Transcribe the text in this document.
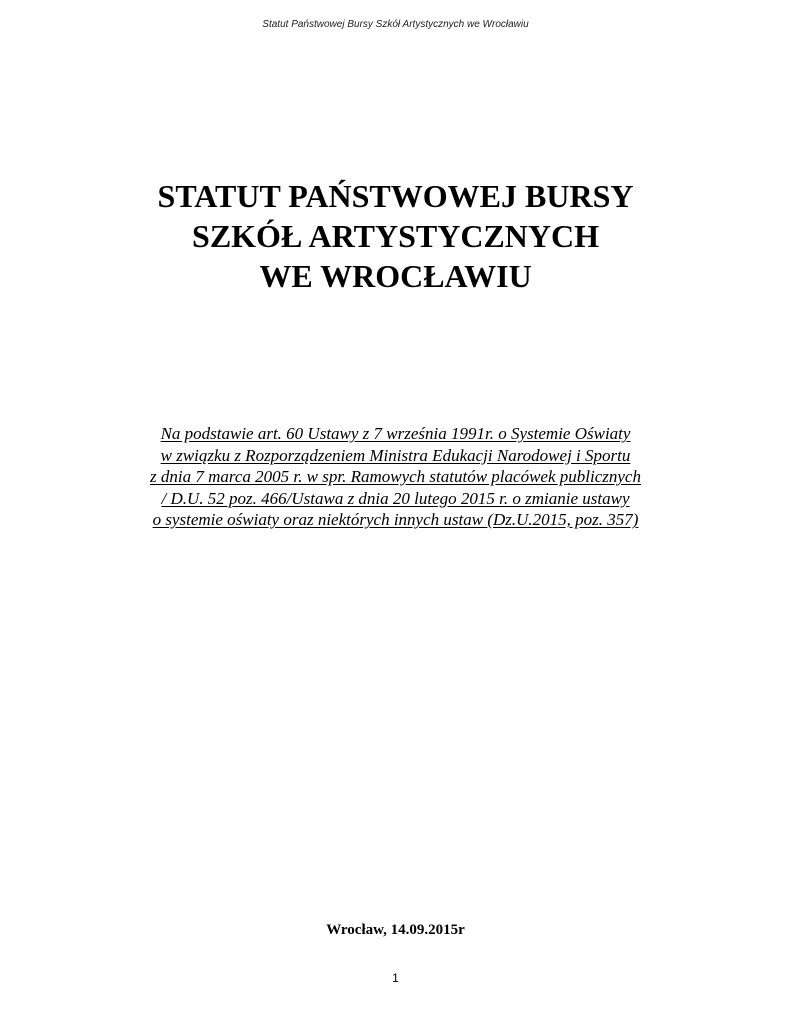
Statut Państwowej Bursy Szkół Artystycznych we Wrocławiu
STATUT PAŃSTWOWEJ BURSY
SZKÓŁ ARTYSTYCZNYCH
WE WROCŁAWIU
Na podstawie art. 60 Ustawy z 7 września 1991r. o Systemie Oświaty
w związku z Rozporządzeniem Ministra Edukacji Narodowej i Sportu
z dnia 7 marca 2005 r. w spr. Ramowych statutów placówek publicznych
/ D.U. 52 poz. 466/Ustawa z dnia 20 lutego 2015 r. o zmianie ustawy
o systemie oświaty oraz niektórych innych ustaw (Dz.U.2015, poz. 357)
Wrocław, 14.09.2015r
1
